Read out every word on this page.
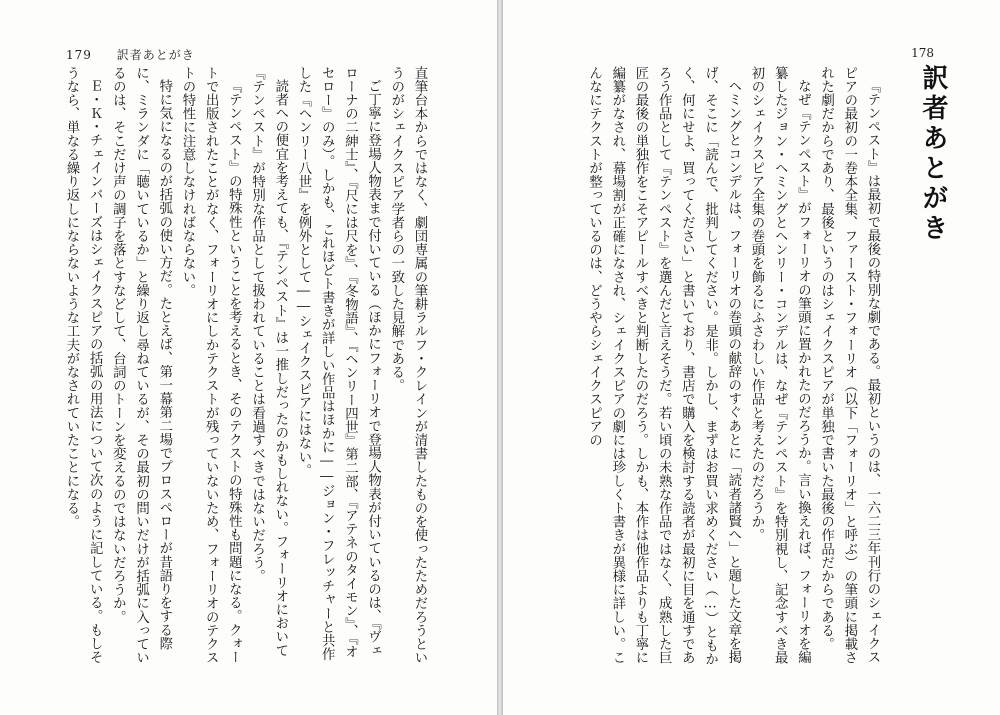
179 訳者あとがき

直筆台本からではなく、劇団専属の筆耕ラルフ・クレインが清書したものを使ったためだろうというのがシェイクスピア学者らの一致した見解である。

ご丁寧に登場人物表まで付いている（ほかにフォーリオで登場人物表が付いているのは、『ヴェローナの二紳士』、『尺には尺を』、『冬物語』、『ヘンリー四世』第二部、『アテネのタイモン』、『オセロー』のみ）。しかも、これほどト書きが詳しい作品はほかに――ジョン・フレッチャーと共作した『ヘンリー八世』を例外として――シェイクスピアにはない。

読者への便宜を考えても、『テンペスト』は一推しだったのかもしれない。フォーリオにおいて『テンペスト』が特別な作品として扱われていることは看過すべきではないだろう。

『テンペスト』の特殊性ということを考えるとき、そのテクストの特殊性も問題になる。クォートで出版されたことがなく、フォーリオにしかテクストが残っていないため、フォーリオのテクストの特性に注意しなければならない。

特に気になるのが括弧の使い方だ。たとえば、第一幕第二場でプロスペローが昔語りをする際に、ミランダに「聴いているか」と繰り返し尋ねているが、その最初の問いだけが括弧に入っているのは、そこだけ声の調子を落とすなどして、台詞のトーンを変えるのではないだろうか。

Ｅ・Ｋ・チェインバーズはシェイクスピアの括弧の用法について次のように記している。もしそうなら、単なる繰り返しにならないような工夫がなされていたことになる。

178
訳者あとがき

『テンペスト』は最初で最後の特別な劇である。最初というのは、一六二三年刊行のシェイクスピアの最初の一巻本全集、ファースト・フォーリオ（以下「フォーリオ」と呼ぶ）の筆頭に掲載された劇だからであり、最後というのはシェイクスピアが単独で書いた最後の作品だからである。

なぜ『テンペスト』がフォーリオの筆頭に置かれたのだろうか。言い換えれば、フォーリオを編纂したジョン・ヘミングとヘンリー・コンデルは、なぜ『テンペスト』を特別視し、記念すべき最初のシェイクスピア全集の巻頭を飾るにふさわしい作品と考えたのだろうか。

ヘミングとコンデルは、フォーリオの巻頭の献辞のすぐあとに「読者諸賢へ」と題した文章を掲げ、そこに「読んで、批判してください。是非。しかし、まずはお買い求めください（…）ともかく、何にせよ、買ってください」と書いており、書店で購入を検討する読者が最初に目を通すであろう作品として『テンペスト』を選んだと言えそうだ。若い頃の未熟な作品ではなく、成熟した巨匠の最後の単独作をこそアピールすべきと判断したのだろう。しかも、本作は他作品よりも丁寧に編纂がなされ、幕場割が正確になされ、シェイクスピアの劇には珍しくト書きが異様に詳しい。こんなにテクストが整っているのは、どうやらシェイクスピアの
